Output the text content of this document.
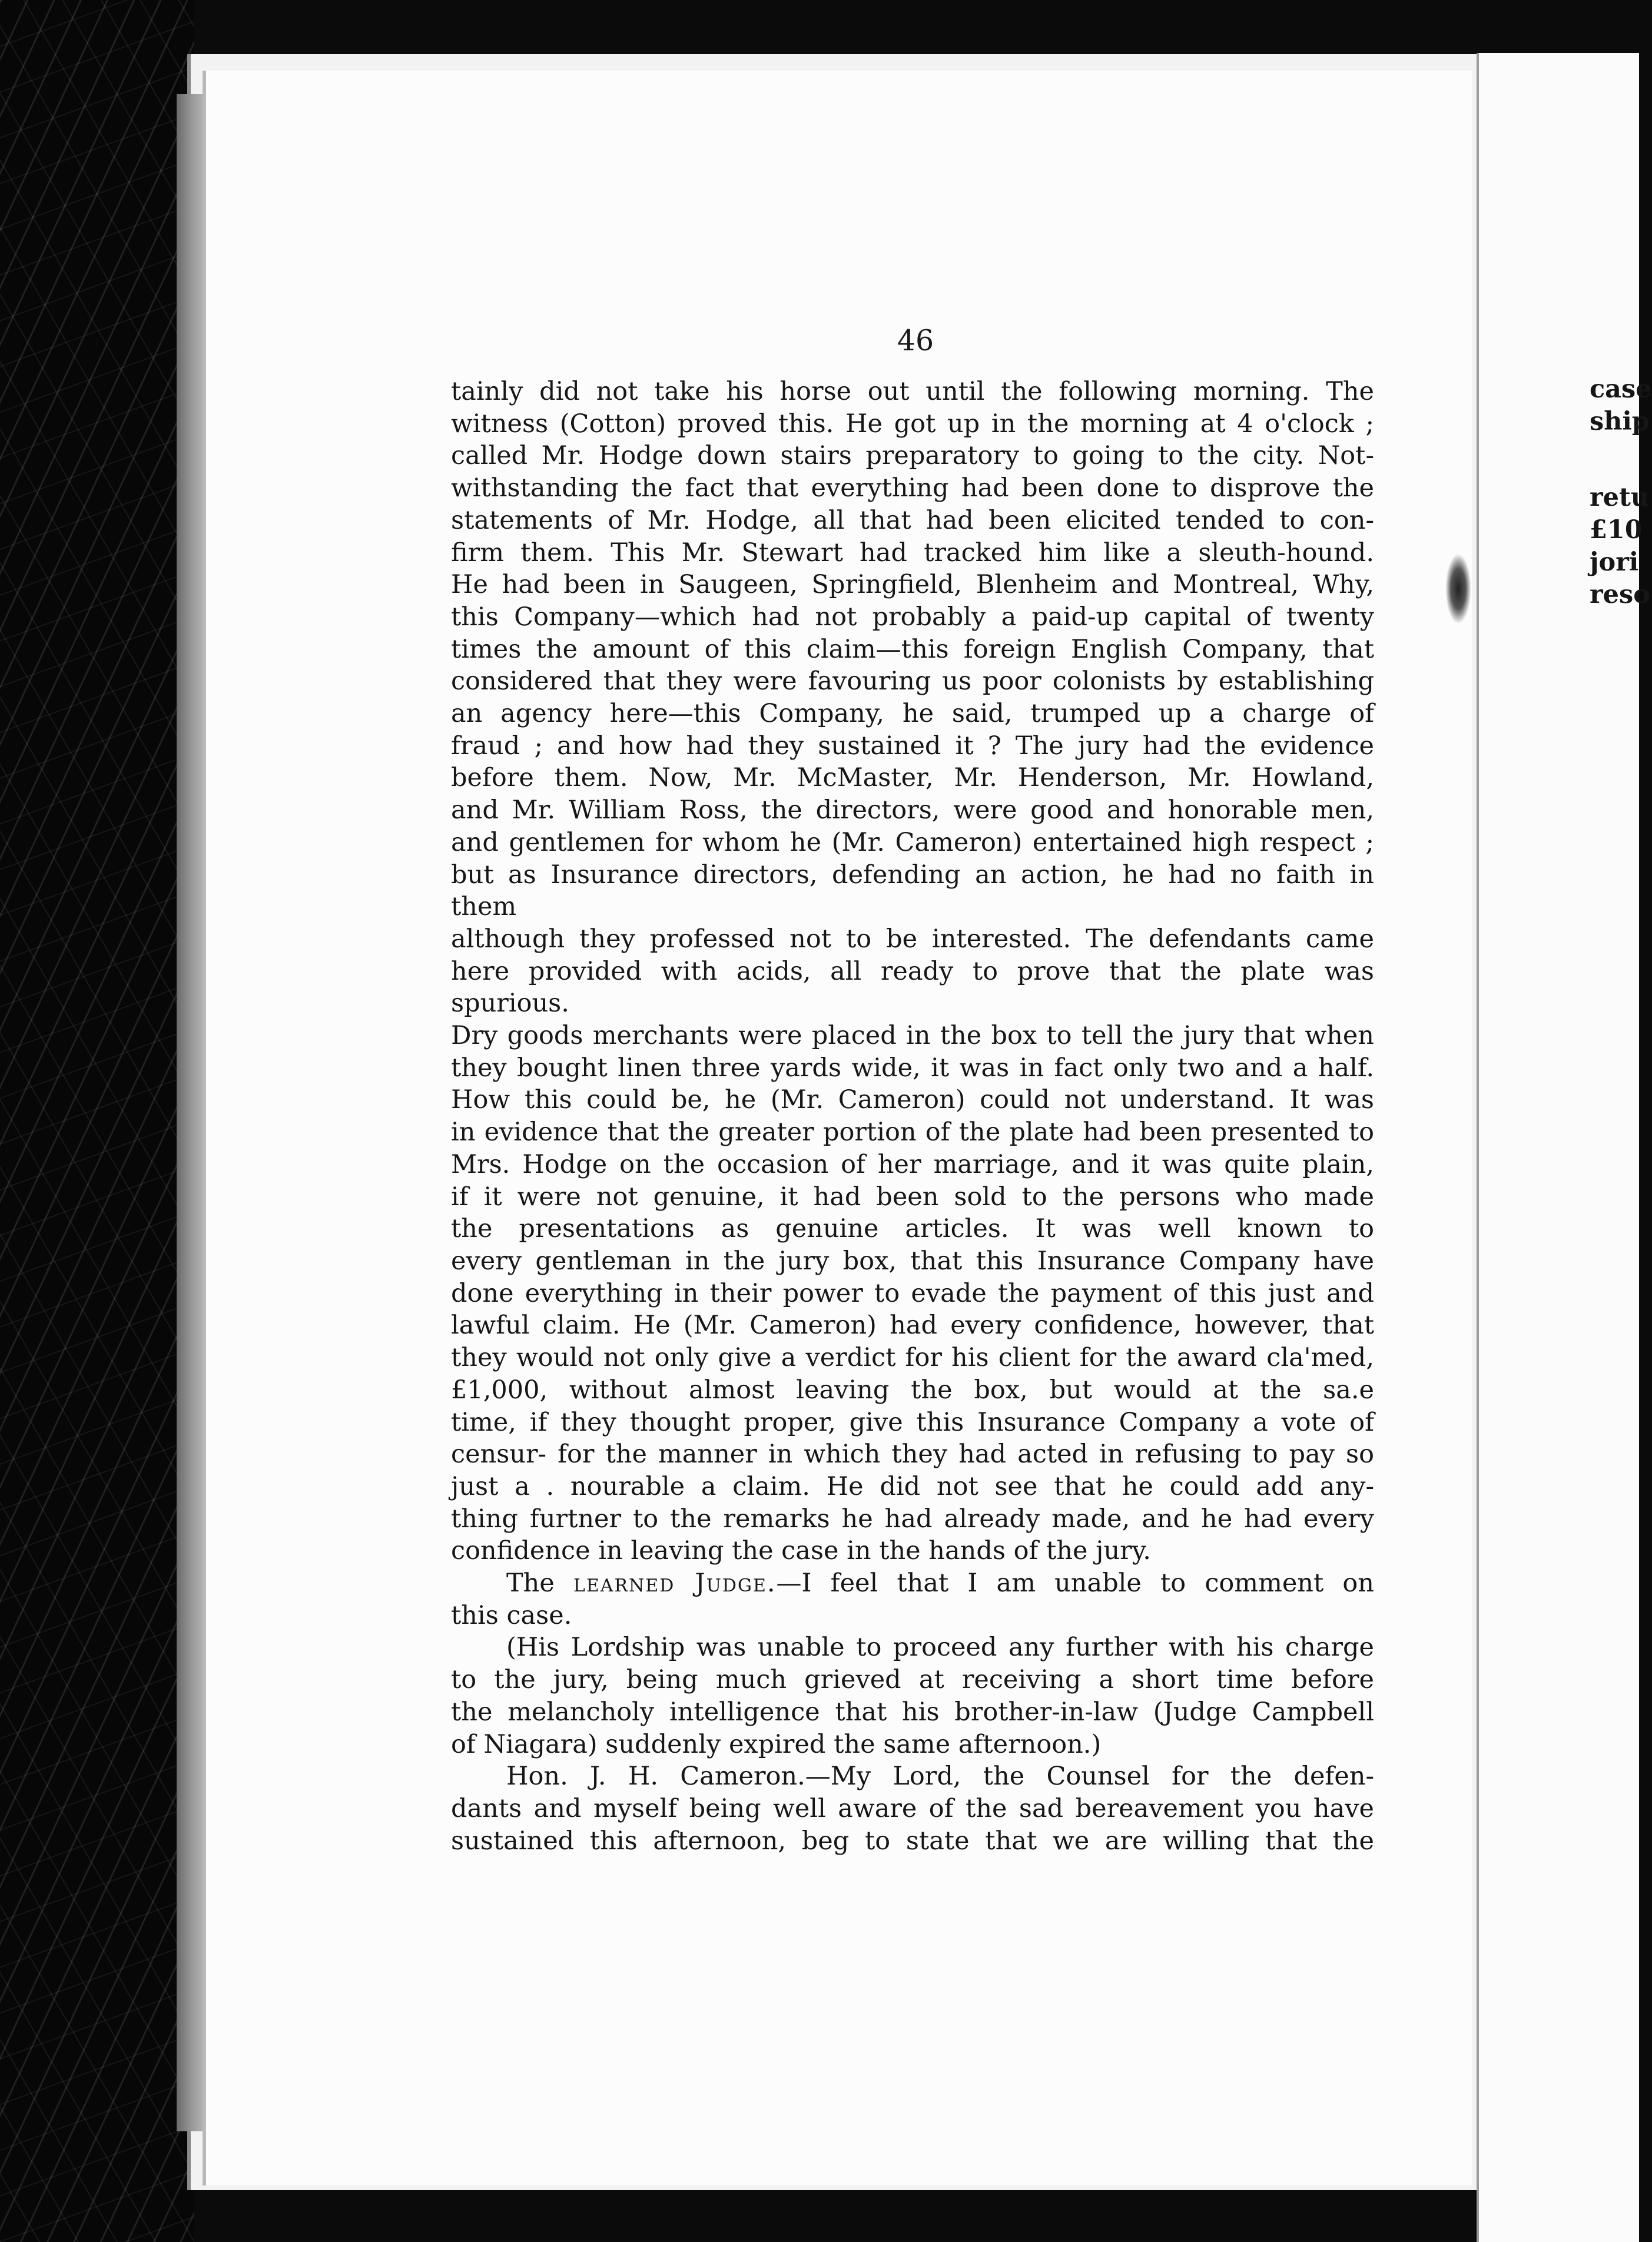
46

tainly did not take his horse out until the following morning. The

witness (Cotton) proved this. He got up in the morning at 4 o'clock ;

called Mr. Hodge down stairs preparatory to going to the city. Not-

withstanding the fact that everything had been done to disprove the

statements of Mr. Hodge, all that had been elicited tended to con-

firm them. This Mr. Stewart had tracked him like a sleuth-hound.

He had been in Saugeen, Springfield, Blenheim and Montreal, Why,

this Company—which had not probably a paid-up capital of twenty

times the amount of this claim—this foreign English Company, that

considered that they were favouring us poor colonists by establishing

an agency here—this Company, he said, trumped up a charge of

fraud ; and how had they sustained it ? The jury had the evidence

before them. Now, Mr. McMaster, Mr. Henderson, Mr. Howland,

and Mr. William Ross, the directors, were good and honorable men,

and gentlemen for whom he (Mr. Cameron) entertained high respect ;

but as Insurance directors, defending an action, he had no faith in them

although they professed not to be interested. The defendants came

here provided with acids, all ready to prove that the plate was spurious.

Dry goods merchants were placed in the box to tell the jury that when

they bought linen three yards wide, it was in fact only two and a half.

How this could be, he (Mr. Cameron) could not understand. It was

in evidence that the greater portion of the plate had been presented to

Mrs. Hodge on the occasion of her marriage, and it was quite plain,

if it were not genuine, it had been sold to the persons who made

the presentations as genuine articles. It was well known to

every gentleman in the jury box, that this Insurance Company have

done everything in their power to evade the payment of this just and

lawful claim. He (Mr. Cameron) had every confidence, however, that

they would not only give a verdict for his client for the award cla'med,

£1,000, without almost leaving the box, but would at the sa.e

time, if they thought proper, give this Insurance Company a vote of

censur- for the manner in which they had acted in refusing to pay so

just a . nourable a claim. He did not see that he could add any-

thing furtner to the remarks he had already made, and he had every

confidence in leaving the case in the hands of the jury.

The learned Judge.—I feel that I am unable to comment on

this case.

(His Lordship was unable to proceed any further with his charge

to the jury, being much grieved at receiving a short time before

the melancholy intelligence that his brother-in-law (Judge Campbell

of Niagara) suddenly expired the same afternoon.)

Hon. J. H. Cameron.—My Lord, the Counsel for the defen-

dants and myself being well aware of the sad bereavement you have

sustained this afternoon, beg to state that we are willing that the

case
ship
retu
£10
jori
reso
